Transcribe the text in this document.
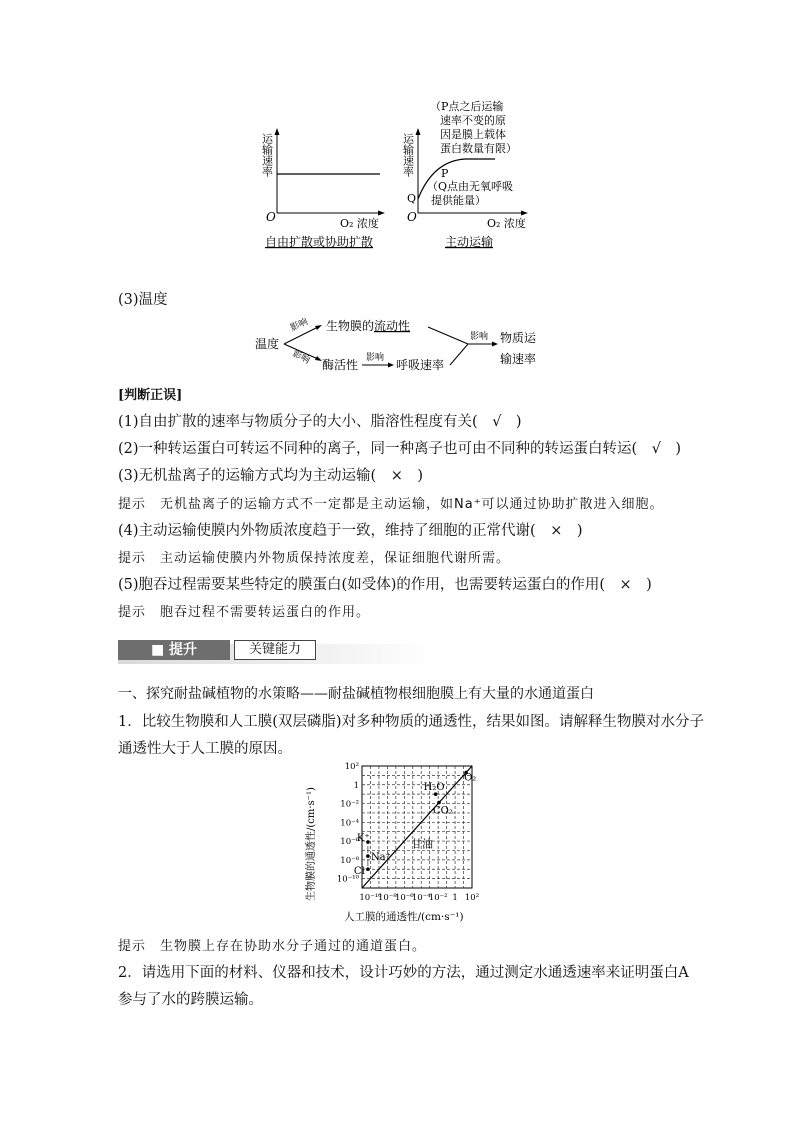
运输速率
O	O₂ 浓度
自由扩散或协助扩散
运输速率
O	O₂ 浓度
主动运输
（P点之后运输
速率不变的原
因是膜上载体
蛋白数量有限）
P
Q
（Q点由无氧呼吸
提供能量）
(3)温度
温度
影响
影响
生物膜的流动性
酶活性 影响 呼吸速率
影响 物质运
输速率
[判断正误]
(1)自由扩散的速率与物质分子的大小、脂溶性程度有关(　√　)
(2)一种转运蛋白可转运不同种的离子，同一种离子也可由不同种的转运蛋白转运(　√　)
(3)无机盐离子的运输方式均为主动运输(　×　)
提示　无机盐离子的运输方式不一定都是主动运输，如Na⁺可以通过协助扩散进入细胞。
(4)主动运输使膜内外物质浓度趋于一致，维持了细胞的正常代谢(　×　)
提示　主动运输使膜内外物质保持浓度差，保证细胞代谢所需。
(5)胞吞过程需要某些特定的膜蛋白(如受体)的作用，也需要转运蛋白的作用(　×　)
提示　胞吞过程不需要转运蛋白的作用。
■ 提升	关键能力
一、探究耐盐碱植物的水策略——耐盐碱植物根细胞膜上有大量的水通道蛋白
1．比较生物膜和人工膜(双层磷脂)对多种物质的通透性，结果如图。请解释生物膜对水分子
通透性大于人工膜的原因。
生物膜的通透性/(cm·s⁻¹)
人工膜的通透性/(cm·s⁻¹)
10⁻¹⁰
10⁻⁸
10⁻⁶
10⁻⁴
10⁻²
1
10²
10⁻¹⁰
10⁻⁸
10⁻⁶
10⁻⁴
10⁻² 1 10²
甘油
O₂
H₂O
CO₂
K⁺
Na⁺
Cl⁻
提示　生物膜上存在协助水分子通过的通道蛋白。
2．请选用下面的材料、仪器和技术，设计巧妙的方法，通过测定水通透速率来证明蛋白A
参与了水的跨膜运输。
